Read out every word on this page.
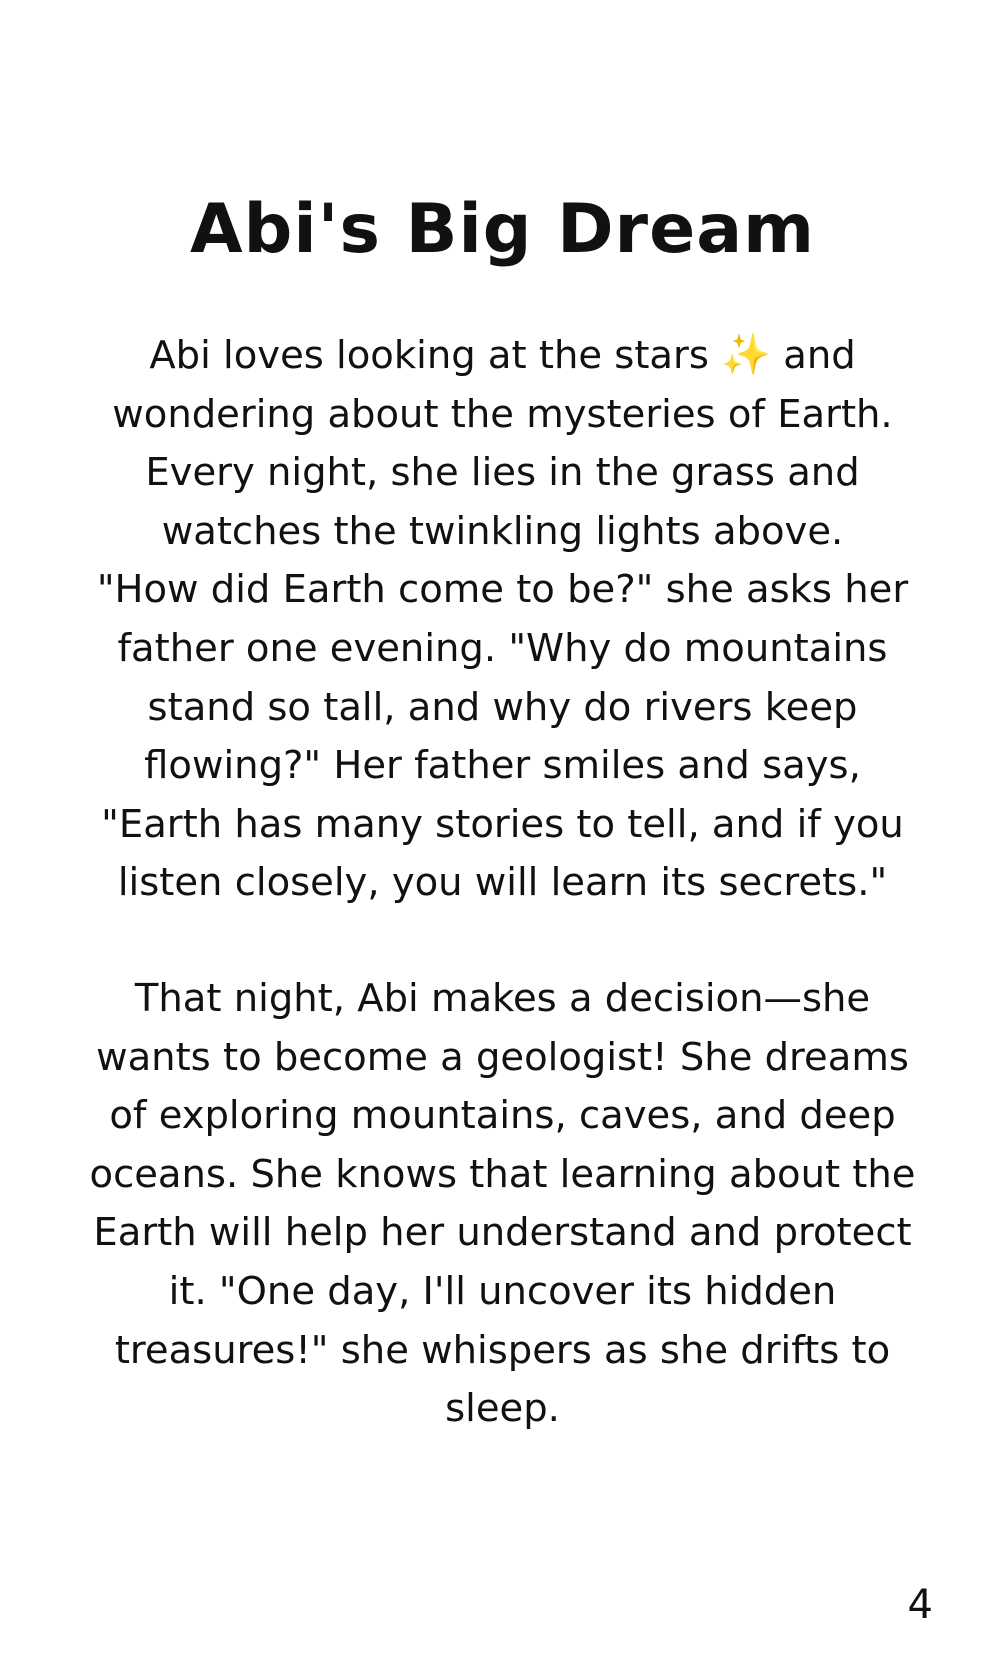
Abi's Big Dream
Abi loves looking at the stars ✨ and
wondering about the mysteries of Earth.
Every night, she lies in the grass and
watches the twinkling lights above.
"How did Earth come to be?" she asks her
father one evening. "Why do mountains
stand so tall, and why do rivers keep
flowing?" Her father smiles and says,
"Earth has many stories to tell, and if you
listen closely, you will learn its secrets."
That night, Abi makes a decision—she
wants to become a geologist! She dreams
of exploring mountains, caves, and deep
oceans. She knows that learning about the
Earth will help her understand and protect
it. "One day, I'll uncover its hidden
treasures!" she whispers as she drifts to
sleep.
4
